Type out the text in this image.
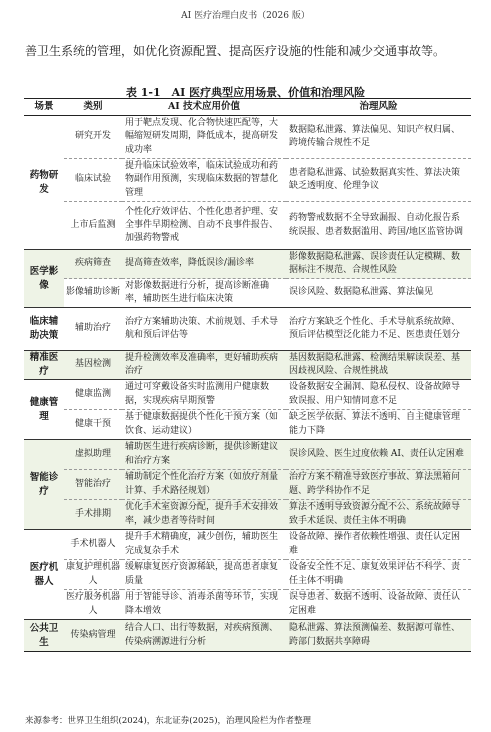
AI 医疗治理白皮书（2026 版）
善卫生系统的管理，如优化资源配置、提高医疗设施的性能和减少交通事故等。
表 1-1　AI 医疗典型应用场景、价值和治理风险
场景	类别	AI 技术应用价值	治理风险
药物研发	研究开发	用于靶点发现、化合物快速匹配等，大幅缩短研发周期，降低成本，提高研发成功率	数据隐私泄露、算法偏见、知识产权归属、跨境传输合规性不足
	临床试验	提升临床试验效率，临床试验成功和药物副作用预测，实现临床数据的智慧化管理	患者隐私泄露、试验数据真实性、算法决策缺乏透明度、伦理争议
	上市后监测	个性化疗效评估、个性化患者护理、安全事件早期检测、自动不良事件报告、加强药物警戒	药物警戒数据不全导致漏报、自动化报告系统误报、患者数据滥用、跨国/地区监管协调
医学影像	疾病筛查	提高筛查效率，降低误诊/漏诊率	影像数据隐私泄露、误诊责任认定模糊、数据标注不规范、合规性风险
	影像辅助诊断	对影像数据进行分析，提高诊断准确率，辅助医生进行临床决策	误诊风险、数据隐私泄露、算法偏见
临床辅助决策	辅助治疗	治疗方案辅助决策、术前规划、手术导航和预后评估等	治疗方案缺乏个性化、手术导航系统故障、预后评估模型泛化能力不足、医患责任划分
精准医疗	基因检测	提升检测效率及准确率，更好辅助疾病治疗	基因数据隐私泄露、检测结果解读误差、基因歧视风险、合规性挑战
健康管理	健康监测	通过可穿戴设备实时监测用户健康数据，实现疾病早期预警	设备数据安全漏洞、隐私侵权、设备故障导致误报、用户知情同意不足
	健康干预	基于健康数据提供个性化干预方案（如饮食、运动建议）	缺乏医学依据、算法不透明、自主健康管理能力下降
智能诊疗	虚拟助理	辅助医生进行疾病诊断，提供诊断建议和治疗方案	误诊风险、医生过度依赖 AI、责任认定困难
	智能治疗	辅助制定个性化治疗方案（如放疗剂量计算、手术路径规划）	治疗方案不精准导致医疗事故、算法黑箱问题、跨学科协作不足
	手术排期	优化手术室资源分配，提升手术安排效率，减少患者等待时间	算法不透明导致资源分配不公、系统故障导致手术延误、责任主体不明确
医疗机器人	手术机器人	提升手术精确度，减少创伤，辅助医生完成复杂手术	设备故障、操作者依赖性增强、责任认定困难
	康复护理机器人	缓解康复医疗资源稀缺，提高患者康复质量	设备安全性不足、康复效果评估不科学、责任主体不明确
	医疗服务机器人	用于智能导诊、消毒杀菌等环节，实现降本增效	误导患者、数据不透明、设备故障、责任认定困难
公共卫生	传染病管理	结合人口、出行等数据，对疾病预测、传染病溯源进行分析	隐私泄露、算法预测偏差、数据源可靠性、跨部门数据共享障碍
来源参考：世界卫生组织(2024)，东北证券(2025)，治理风险栏为作者整理
